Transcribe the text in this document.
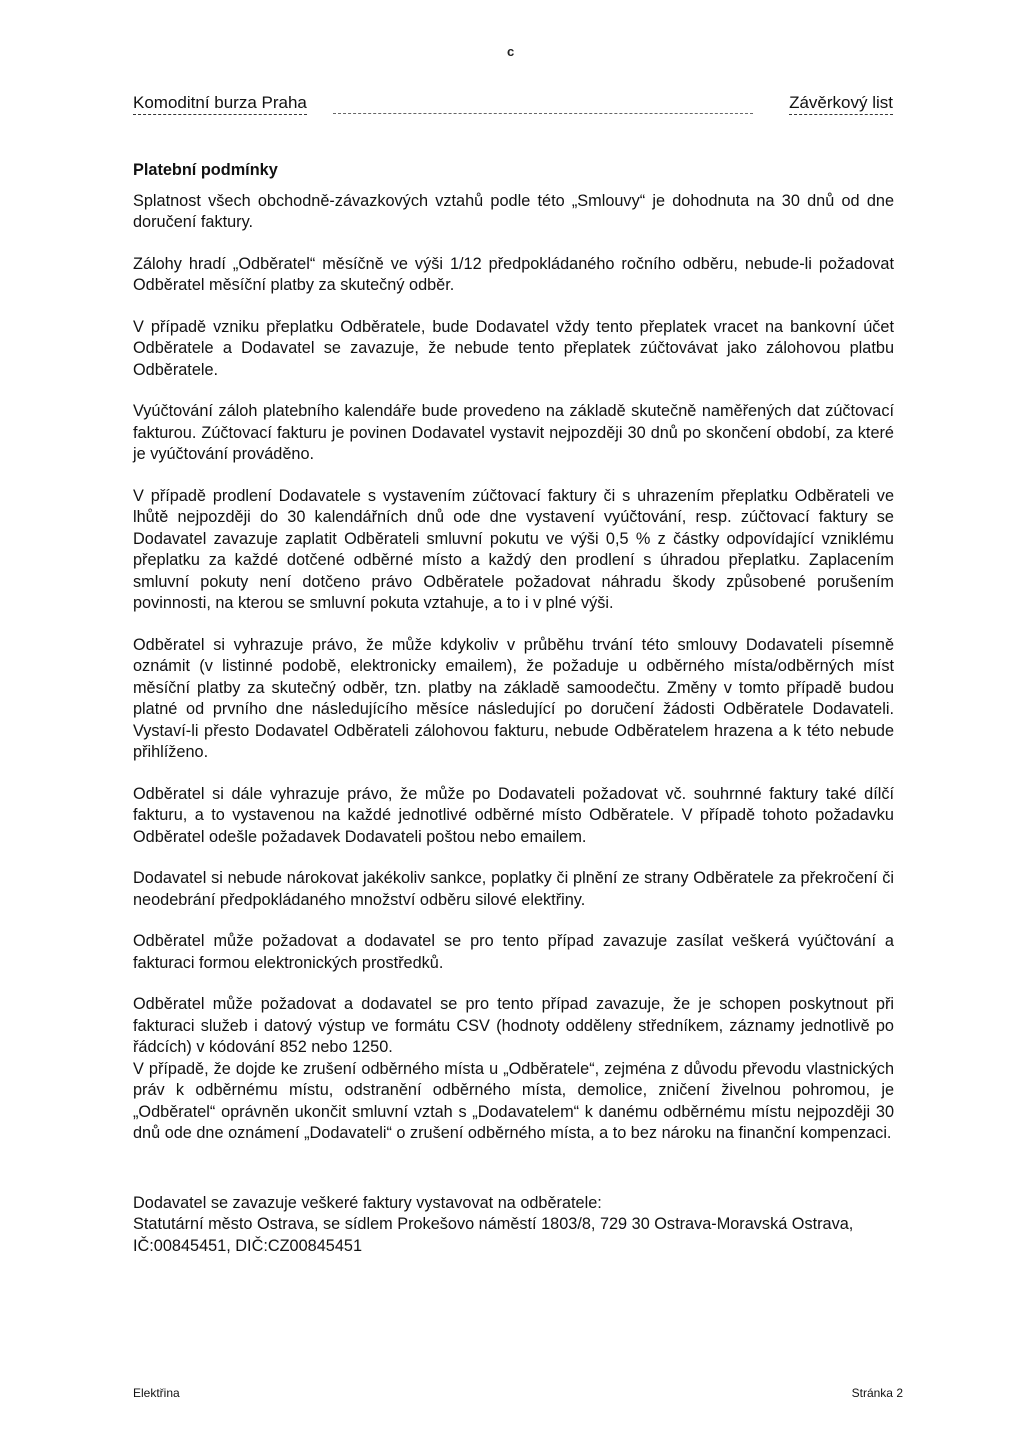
c
Komoditní burza Praha	Závěrkový list
Platební podmínky

Splatnost všech obchodně-závazkových vztahů podle této „Smlouvy“ je dohodnuta na 30 dnů od dne doručení faktury.

Zálohy hradí „Odběratel“ měsíčně ve výši 1/12 předpokládaného ročního odběru, nebude-li požadovat Odběratel měsíční platby za skutečný odběr.

V případě vzniku přeplatku Odběratele, bude Dodavatel vždy tento přeplatek vracet na bankovní účet Odběratele a Dodavatel se zavazuje, že nebude tento přeplatek zúčtovávat jako zálohovou platbu Odběratele.

Vyúčtování záloh platebního kalendáře bude provedeno na základě skutečně naměřených dat zúčtovací fakturou. Zúčtovací fakturu je povinen Dodavatel vystavit nejpozději 30 dnů po skončení období, za které je vyúčtování prováděno.

V případě prodlení Dodavatele s vystavením zúčtovací faktury či s uhrazením přeplatku Odběrateli ve lhůtě nejpozději do 30 kalendářních dnů ode dne vystavení vyúčtování, resp. zúčtovací faktury se Dodavatel zavazuje zaplatit Odběrateli smluvní pokutu ve výši 0,5 % z částky odpovídající vzniklému přeplatku za každé dotčené odběrné místo a každý den prodlení s úhradou přeplatku. Zaplacením smluvní pokuty není dotčeno právo Odběratele požadovat náhradu škody způsobené porušením povinnosti, na kterou se smluvní pokuta vztahuje, a to i v plné výši.

Odběratel si vyhrazuje právo, že může kdykoliv v průběhu trvání této smlouvy Dodavateli písemně oznámit (v listinné podobě, elektronicky emailem), že požaduje u odběrného místa/odběrných míst měsíční platby za skutečný odběr, tzn. platby na základě samoodečtu. Změny v tomto případě budou platné od prvního dne následujícího měsíce následující po doručení žádosti Odběratele Dodavateli. Vystaví-li přesto Dodavatel Odběrateli zálohovou fakturu, nebude Odběratelem hrazena a k této nebude přihlíženo.

Odběratel si dále vyhrazuje právo, že může po Dodavateli požadovat vč. souhrnné faktury také dílčí fakturu, a to vystavenou na každé jednotlivé odběrné místo Odběratele. V případě tohoto požadavku Odběratel odešle požadavek Dodavateli poštou nebo emailem.

Dodavatel si nebude nárokovat jakékoliv sankce, poplatky či plnění ze strany Odběratele za překročení či neodebrání předpokládaného množství odběru silové elektřiny.

Odběratel může požadovat a dodavatel se pro tento případ zavazuje zasílat veškerá vyúčtování a fakturaci formou elektronických prostředků.

Odběratel může požadovat a dodavatel se pro tento případ zavazuje, že je schopen poskytnout při fakturaci služeb i datový výstup ve formátu CSV (hodnoty odděleny středníkem, záznamy jednotlivě po řádcích) v kódování 852 nebo 1250.

V případě, že dojde ke zrušení odběrného místa u „Odběratele“, zejména z důvodu převodu vlastnických práv k odběrnému místu, odstranění odběrného místa, demolice, zničení živelnou pohromou, je „Odběratel“ oprávněn ukončit smluvní vztah s „Dodavatelem“ k danému odběrnému místu nejpozději 30 dnů ode dne oznámení „Dodavateli“ o zrušení odběrného místa, a to bez nároku na finanční kompenzaci.

Dodavatel se zavazuje veškeré faktury vystavovat na odběratele:
Statutární město Ostrava, se sídlem Prokešovo náměstí 1803/8, 729 30 Ostrava-Moravská Ostrava, IČ:00845451, DIČ:CZ00845451
Elektřina	Stránka 2
